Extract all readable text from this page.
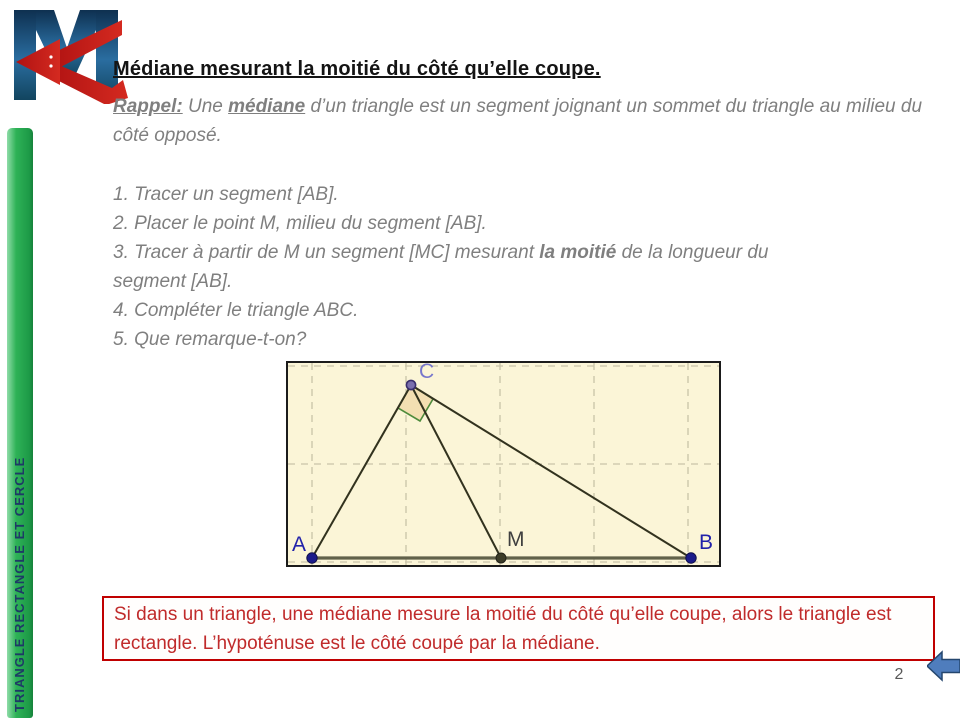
TRIANGLE RECTANGLE ET CERCLE
Médiane mesurant la moitié du côté qu’elle coupe.
Rappel: Une médiane d’un triangle est un segment joignant un sommet du triangle au milieu du côté opposé.
1. Tracer un segment [AB].
2. Placer le point M, milieu du segment [AB].
3. Tracer à partir de M un segment [MC] mesurant la moitié de la longueur du
segment [AB].
4. Compléter le triangle ABC.
5. Que remarque-t-on?
A	B
M
C
Si dans un triangle, une médiane mesure la moitié du côté qu’elle coupe, alors le triangle est rectangle. L’hypoténuse est le côté coupé par la médiane.
2
